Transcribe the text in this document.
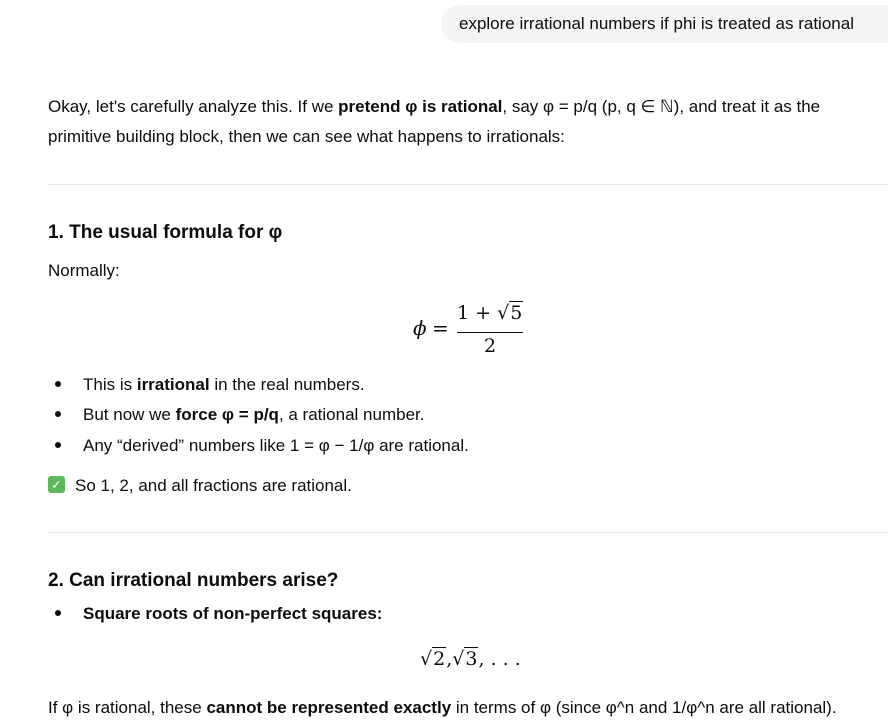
explore irrational numbers if phi is treated as rational

Okay, let's carefully analyze this. If we pretend φ is rational, say φ = p/q (p, q ∈ ℕ), and treat it as the
primitive building block, then we can see what happens to irrationals:

1. The usual formula for φ
Normally:
ϕ =
1 + √5
2
This is irrational in the real numbers.
But now we force φ = p/q, a rational number.
Any “derived” numbers like 1 = φ − 1/φ are rational.
✓ So 1, 2, and all fractions are rational.
2. Can irrational numbers arise?
Square roots of non-perfect squares:
√2,√3, . . .
If φ is rational, these cannot be represented exactly in terms of φ (since φ^n and 1/φ^n are all rational).
